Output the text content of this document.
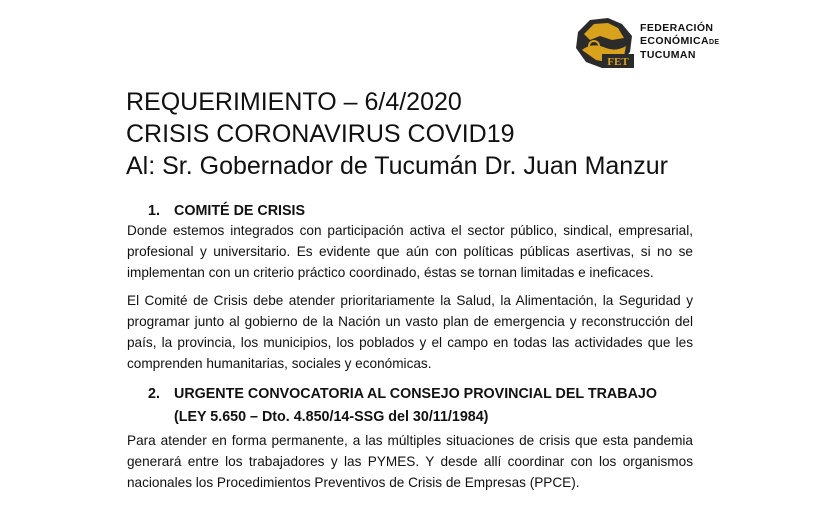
FET
FEDERACIÓN
ECONÓMICADE
TUCUMAN
REQUERIMIENTO – 6/4/2020
CRISIS CORONAVIRUS COVID19
Al: Sr. Gobernador de Tucumán Dr. Juan Manzur
1. COMITÉ DE CRISIS
Donde estemos integrados con participación activa el sector público, sindical, empresarial, profesional y universitario. Es evidente que aún con políticas públicas asertivas, si no se implementan con un criterio práctico coordinado, éstas se tornan limitadas e ineficaces.
El Comité de Crisis debe atender prioritariamente la Salud, la Alimentación, la Seguridad y programar junto al gobierno de la Nación un vasto plan de emergencia y reconstrucción del país, la provincia, los municipios, los poblados y el campo en todas las actividades que les comprenden humanitarias, sociales y económicas.
2. URGENTE CONVOCATORIA AL CONSEJO PROVINCIAL DEL TRABAJO
(LEY 5.650 – Dto. 4.850/14-SSG del 30/11/1984)
Para atender en forma permanente, a las múltiples situaciones de crisis que esta pandemia generará entre los trabajadores y las PYMES. Y desde allí coordinar con los organismos nacionales los Procedimientos Preventivos de Crisis de Empresas (PPCE).
